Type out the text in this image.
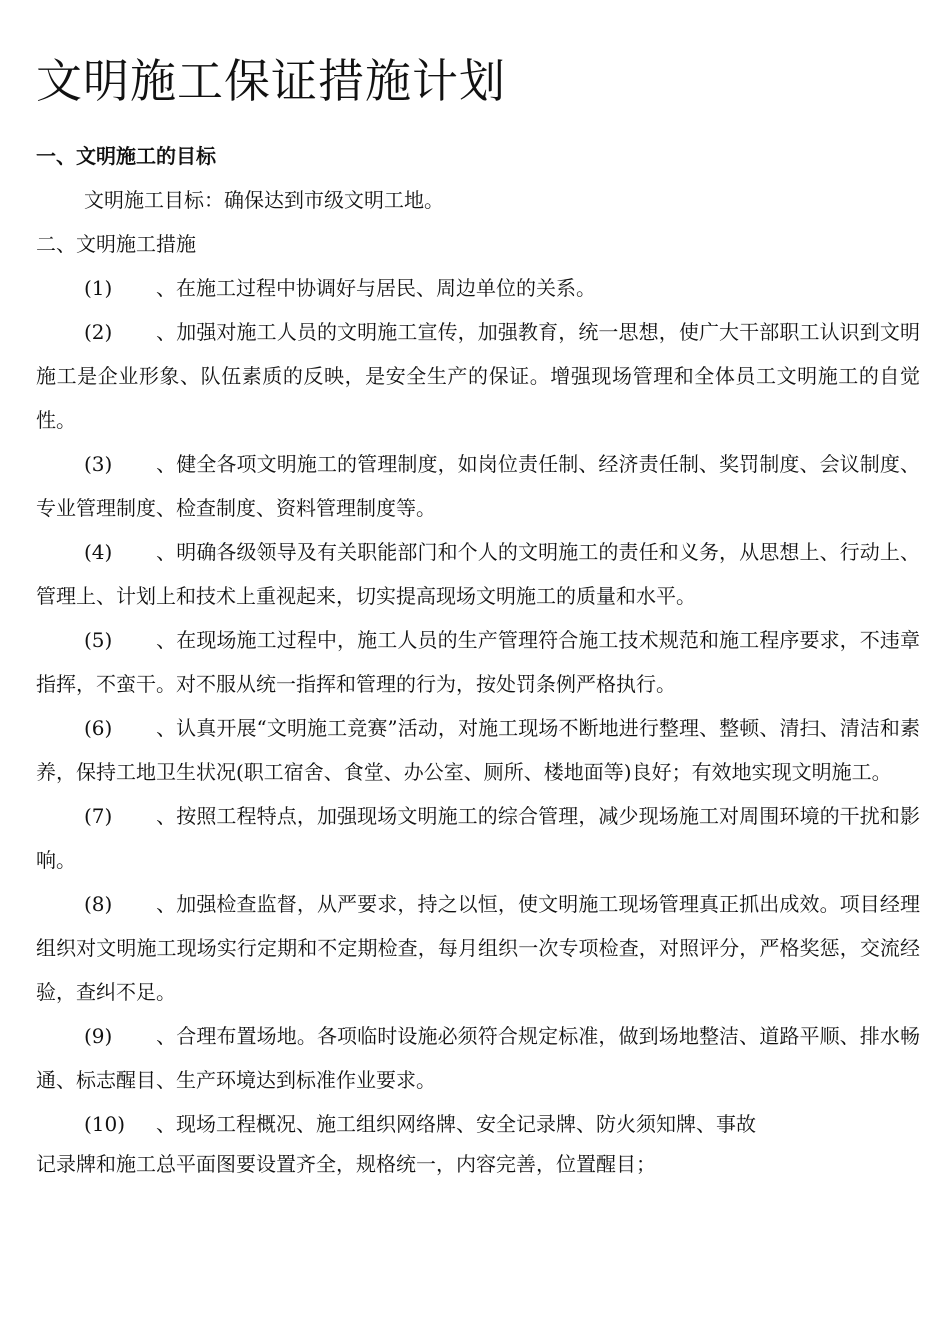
文明施工保证措施计划
一、文明施工的目标

文明施工目标：确保达到市级文明工地。

二、文明施工措施

(1) 、在施工过程中协调好与居民、周边单位的关系。

(2) 、加强对施工人员的文明施工宣传，加强教育，统一思想，使广大干部职工认识到文明施工是企业形象、队伍素质的反映，是安全生产的保证。增强现场管理和全体员工文明施工的自觉性。

(3) 、健全各项文明施工的管理制度，如岗位责任制、经济责任制、奖罚制度、会议制度、专业管理制度、检查制度、资料管理制度等。

(4) 、明确各级领导及有关职能部门和个人的文明施工的责任和义务，从思想上、行动上、管理上、计划上和技术上重视起来，切实提高现场文明施工的质量和水平。

(5) 、在现场施工过程中，施工人员的生产管理符合施工技术规范和施工程序要求，不违章指挥，不蛮干。对不服从统一指挥和管理的行为，按处罚条例严格执行。

(6) 、认真开展“文明施工竞赛”活动，对施工现场不断地进行整理、整顿、清扫、清洁和素养，保持工地卫生状况(职工宿舍、食堂、办公室、厕所、楼地面等)良好；有效地实现文明施工。

(7) 、按照工程特点，加强现场文明施工的综合管理，减少现场施工对周围环境的干扰和影响。

(8) 、加强检查监督，从严要求，持之以恒，使文明施工现场管理真正抓出成效。项目经理组织对文明施工现场实行定期和不定期检查，每月组织一次专项检查，对照评分，严格奖惩，交流经验，查纠不足。

(9) 、合理布置场地。各项临时设施必须符合规定标准，做到场地整洁、道路平顺、排水畅通、标志醒目、生产环境达到标准作业要求。

(10) 、现场工程概况、施工组织网络牌、安全记录牌、防火须知牌、事故
记录牌和施工总平面图要设置齐全，规格统一，内容完善，位置醒目；
